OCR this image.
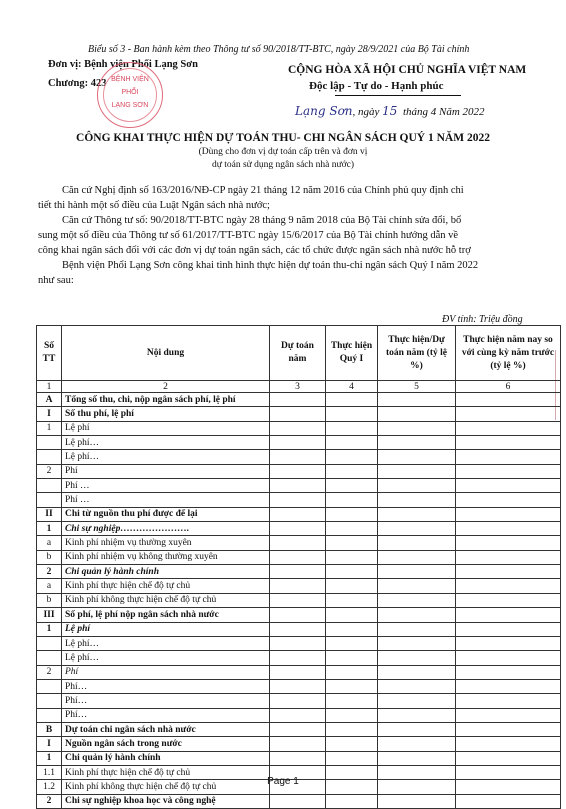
Biểu số 3 - Ban hành kèm theo Thông tư số 90/2018/TT-BTC, ngày 28/9/2021 của Bộ Tài chính
Đơn vị: Bệnh viện Phổi Lạng Sơn
Chương: 423 BỆNH VIỆN
PHỔI
LẠNG SƠN
CỘNG HÒA XÃ HỘI CHỦ NGHĨA VIỆT NAM
Độc lập - Tự do - Hạnh phúc
Lạng Sơn, ngày 15 tháng 4 Năm 2022
CÔNG KHAI THỰC HIỆN DỰ TOÁN THU- CHI NGÂN SÁCH QUÝ 1 NĂM 2022
(Dùng cho đơn vị dự toán cấp trên và đơn vị
dự toán sử dụng ngân sách nhà nước)
Căn cứ Nghị định số 163/2016/NĐ-CP ngày 21 tháng 12 năm 2016 của Chính phủ quy định chi
tiết thi hành một số điều của Luật Ngân sách nhà nước;
Căn cứ Thông tư số: 90/2018/TT-BTC ngày 28 tháng 9 năm 2018 của Bộ Tài chính sửa đổi, bổ
sung một số điều của Thông tư số 61/2017/TT-BTC ngày 15/6/2017 của Bộ Tài chính hướng dẫn về
công khai ngân sách đối với các đơn vị dự toán ngân sách, các tổ chức được ngân sách nhà nước hỗ trợ
Bệnh viện Phổi Lạng Sơn công khai tình hình thực hiện dự toán thu-chi ngân sách Quý I năm 2022
như sau:
ĐV tính: Triệu đồng
Số TT	Nội dung	Dự toán năm	Thực hiện Quý I	Thực hiện/Dự toán năm (tỷ lệ %)	Thực hiện năm nay so với cùng kỳ năm trước (tỷ lệ %)
1	2	3	4	5	6
A	Tổng số thu, chi, nộp ngân sách phí, lệ phí				
I	Số thu phí, lệ phí				
1	Lệ phí				
	Lệ phí…				
	Lệ phí…				
2	Phí				
	Phí …				
	Phí …				
II	Chi từ nguồn thu phí được để lại				
1	Chi sự nghiệp………………….				
a	Kinh phí nhiệm vụ thường xuyên				
b	Kinh phí nhiệm vụ không thường xuyên				
2	Chi quản lý hành chính				
a	Kinh phí thực hiện chế độ tự chủ				
b	Kinh phí không thực hiện chế độ tự chủ				
III	Số phí, lệ phí nộp ngân sách nhà nước				
1	Lệ phí				
	Lệ phí…				
	Lệ phí…				
2	Phí				
	Phí…				
	Phí…				
	Phí…				
B	Dự toán chi ngân sách nhà nước				
I	Nguồn ngân sách trong nước				
1	Chi quản lý hành chính				
1.1	Kinh phí thực hiện chế độ tự chủ				
1.2	Kinh phí không thực hiện chế độ tự chủ				
2	Chi sự nghiệp khoa học và công nghệ				
Page 1
